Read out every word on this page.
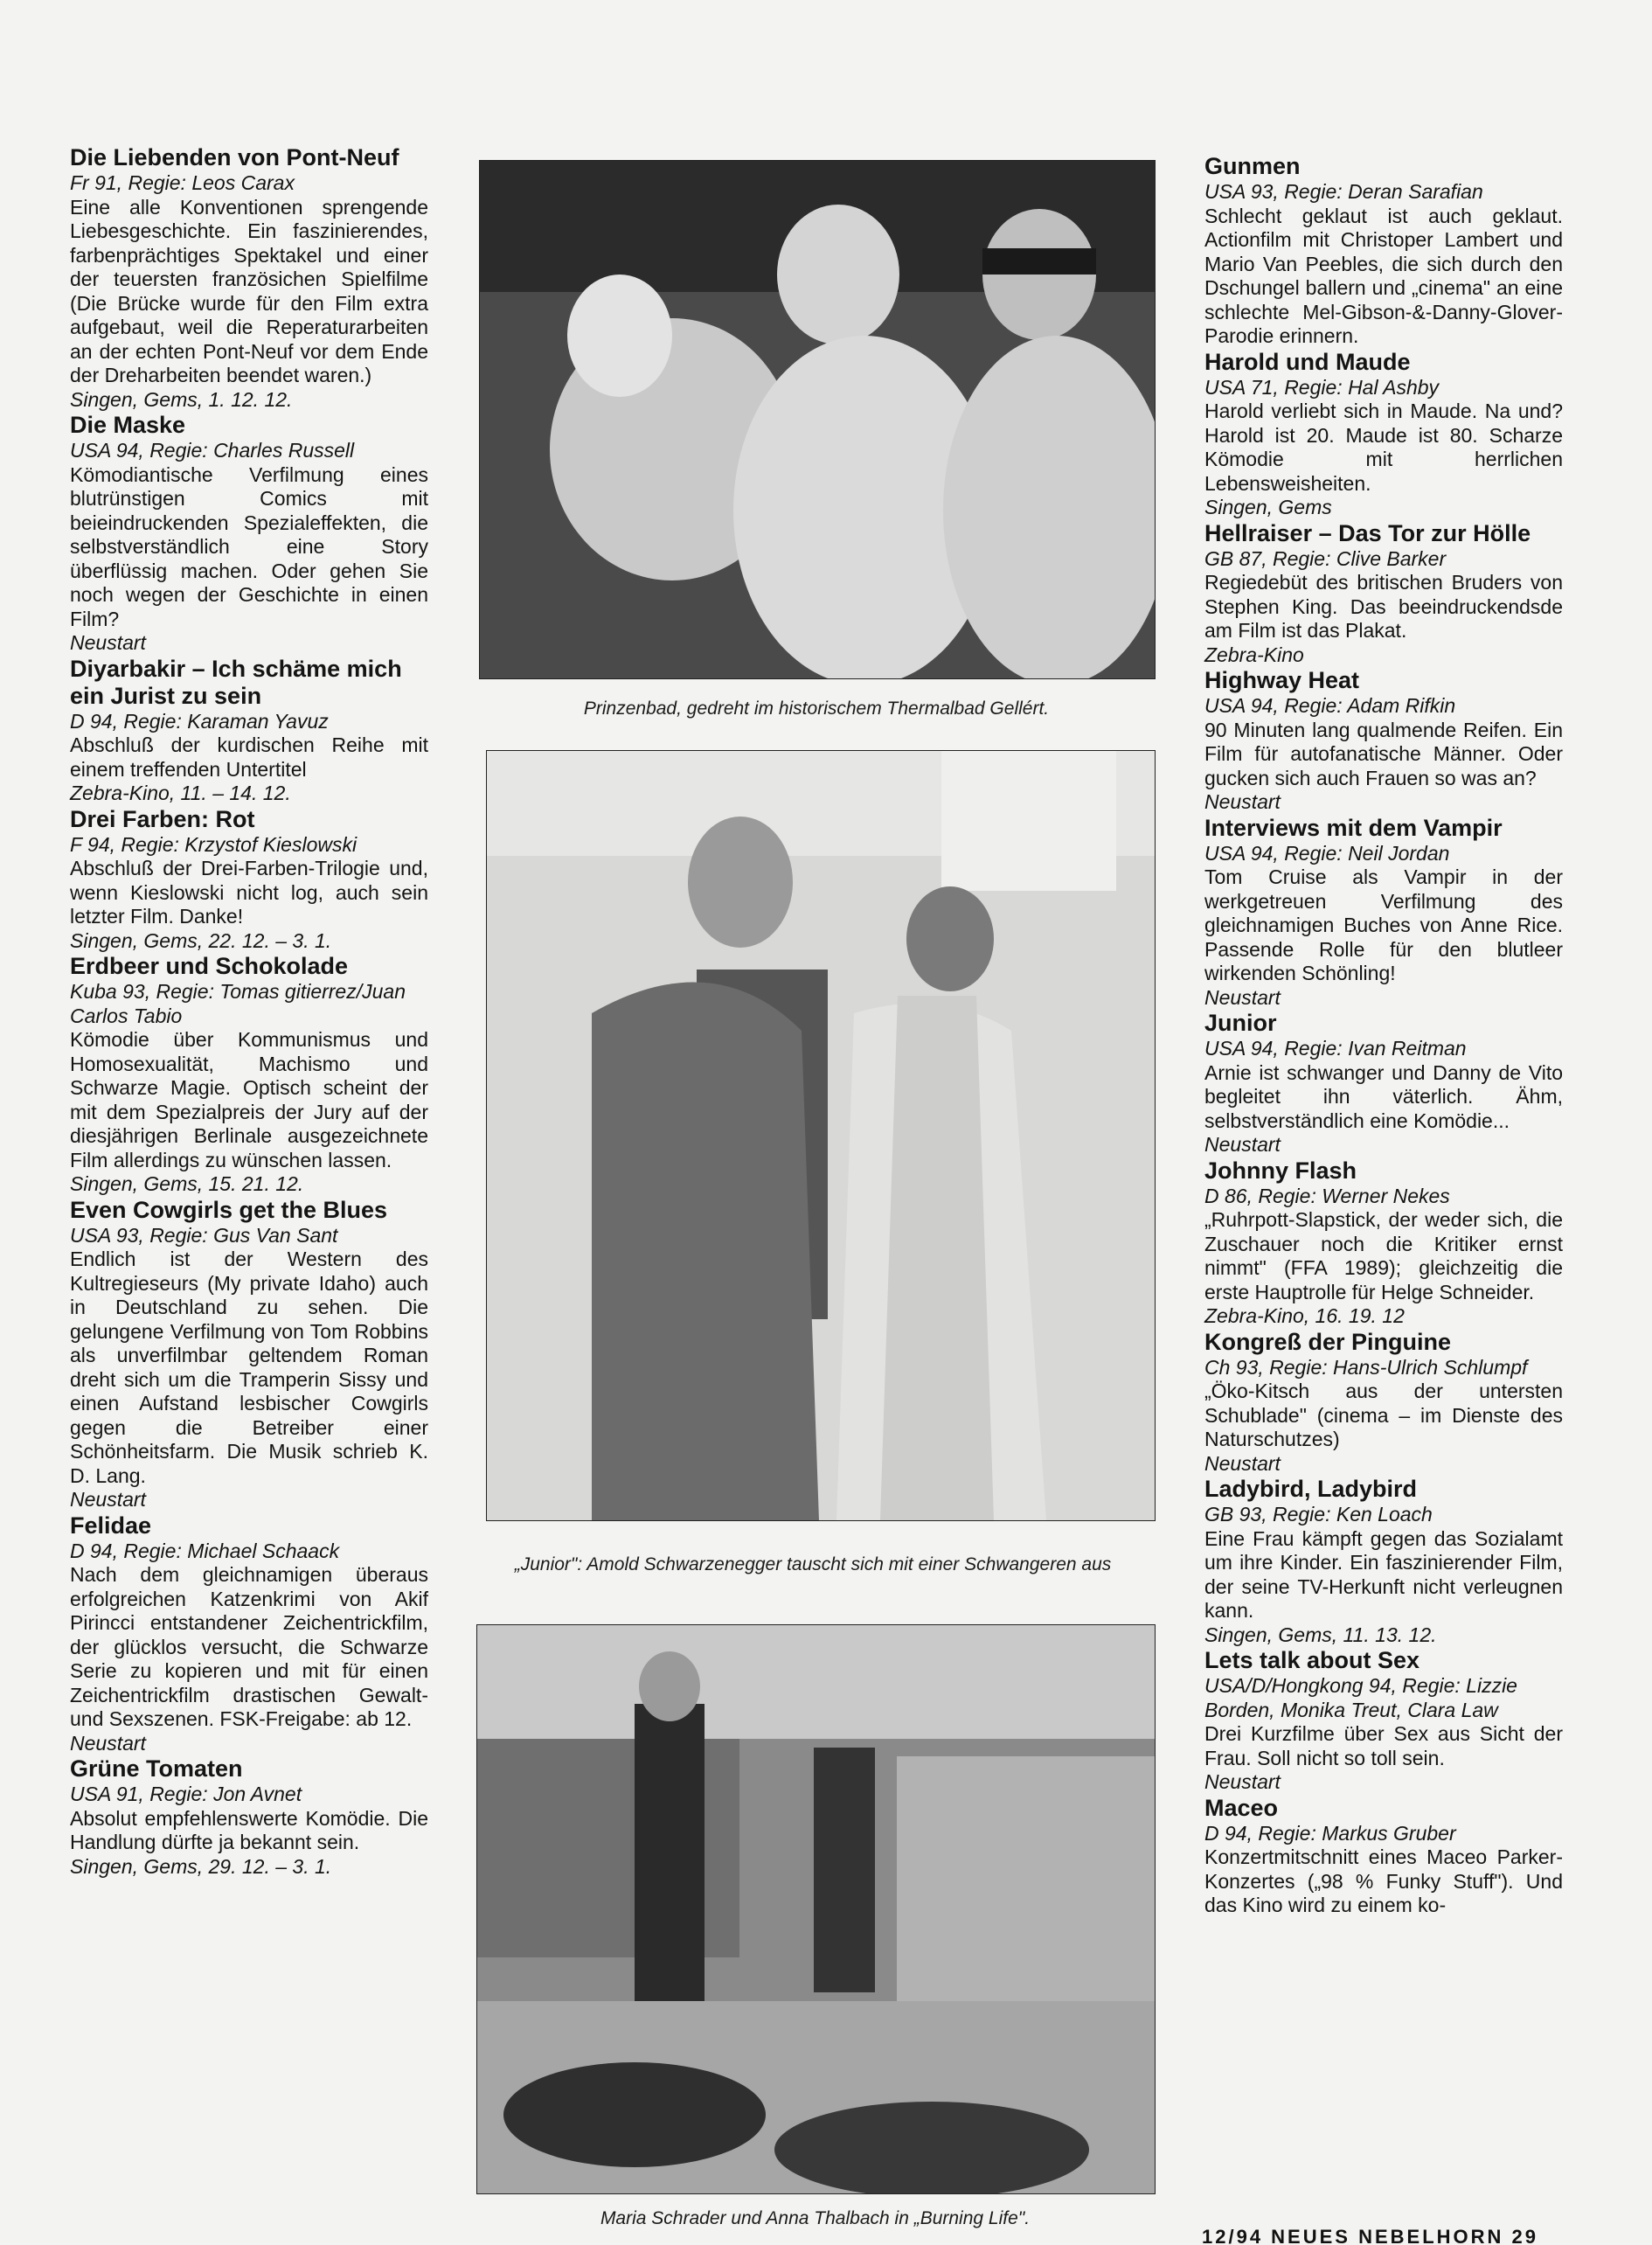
Die Liebenden von Pont-Neuf

Fr 91, Regie: Leos Carax

Eine alle Konventionen sprengende Liebesgeschichte. Ein faszinierendes, farbenprächtiges Spektakel und einer der teuersten französichen Spielfilme (Die Brücke wurde für den Film extra aufgebaut, weil die Reperaturarbeiten an der echten Pont-Neuf vor dem Ende der Dreharbeiten beendet waren.)

Singen, Gems, 1. 12. 12.

Die Maske

USA 94, Regie: Charles Russell

Kömodiantische Verfilmung eines blutrünstigen Comics mit beieindruckenden Spezialeffekten, die selbstverständlich eine Story überflüssig machen. Oder gehen Sie noch wegen der Geschichte in einen Film?

Neustart

Diyarbakir – Ich schäme mich ein Jurist zu sein

D 94, Regie: Karaman Yavuz

Abschluß der kurdischen Reihe mit einem treffenden Untertitel

Zebra-Kino, 11. – 14. 12.

Drei Farben: Rot

F 94, Regie: Krzystof Kieslowski

Abschluß der Drei-Farben-Trilogie und, wenn Kieslowski nicht log, auch sein letzter Film. Danke!

Singen, Gems, 22. 12. – 3. 1.

Erdbeer und Schokolade

Kuba 93, Regie: Tomas gitierrez/Juan Carlos Tabio

Kömodie über Kommunismus und Homosexualität, Machismo und Schwarze Magie. Optisch scheint der mit dem Spezialpreis der Jury auf der diesjährigen Berlinale ausgezeichnete Film allerdings zu wünschen lassen.

Singen, Gems, 15. 21. 12.

Even Cowgirls get the Blues

USA 93, Regie: Gus Van Sant

Endlich ist der Western des Kultregieseurs (My private Idaho) auch in Deutschland zu sehen. Die gelungene Verfilmung von Tom Robbins als unverfilmbar geltendem Roman dreht sich um die Tramperin Sissy und einen Aufstand lesbischer Cowgirls gegen die Betreiber einer Schönheitsfarm. Die Musik schrieb K. D. Lang.

Neustart

Felidae

D 94, Regie: Michael Schaack

Nach dem gleichnamigen überaus erfolgreichen Katzenkrimi von Akif Pirincci entstandener Zeichentrickfilm, der glücklos versucht, die Schwarze Serie zu kopieren und mit für einen Zeichentrickfilm drastischen Gewalt- und Sexszenen. FSK-Freigabe: ab 12.

Neustart

Grüne Tomaten

USA 91, Regie: Jon Avnet

Absolut empfehlenswerte Komödie. Die Handlung dürfte ja bekannt sein.

Singen, Gems, 29. 12. – 3. 1.

Prinzenbad, gedreht im historischem Thermalbad Gellért.
„Junior": Amold Schwarzenegger tauscht sich mit einer Schwangeren aus
Maria Schrader und Anna Thalbach in „Burning Life".

Gunmen

USA 93, Regie: Deran Sarafian

Schlecht geklaut ist auch geklaut. Actionfilm mit Christoper Lambert und Mario Van Peebles, die sich durch den Dschungel ballern und „cinema" an eine schlechte Mel-Gibson-&-Danny-Glover-Parodie erinnern.

Harold und Maude

USA 71, Regie: Hal Ashby

Harold verliebt sich in Maude. Na und? Harold ist 20. Maude ist 80. Scharze Kömodie mit herrlichen Lebensweisheiten.

Singen, Gems

Hellraiser – Das Tor zur Hölle

GB 87, Regie: Clive Barker

Regiedebüt des britischen Bruders von Stephen King. Das beeindruckendsde am Film ist das Plakat.

Zebra-Kino

Highway Heat

USA 94, Regie: Adam Rifkin

90 Minuten lang qualmende Reifen. Ein Film für autofanatische Männer. Oder gucken sich auch Frauen so was an?

Neustart

Interviews mit dem Vampir

USA 94, Regie: Neil Jordan

Tom Cruise als Vampir in der werkgetreuen Verfilmung des gleichnamigen Buches von Anne Rice. Passende Rolle für den blutleer wirkenden Schönling!

Neustart

Junior

USA 94, Regie: Ivan Reitman

Arnie ist schwanger und Danny de Vito begleitet ihn väterlich. Ähm, selbstverständlich eine Komödie...

Neustart

Johnny Flash

D 86, Regie: Werner Nekes

„Ruhrpott-Slapstick, der weder sich, die Zuschauer noch die Kritiker ernst nimmt" (FFA 1989); gleichzeitig die erste Hauptrolle für Helge Schneider.

Zebra-Kino, 16. 19. 12

Kongreß der Pinguine

Ch 93, Regie: Hans-Ulrich Schlumpf

„Öko-Kitsch aus der untersten Schublade" (cinema – im Dienste des Naturschutzes)

Neustart

Ladybird, Ladybird

GB 93, Regie: Ken Loach

Eine Frau kämpft gegen das Sozialamt um ihre Kinder. Ein faszinierender Film, der seine TV-Herkunft nicht verleugnen kann.

Singen, Gems, 11. 13. 12.

Lets talk about Sex

USA/D/Hongkong 94, Regie: Lizzie Borden, Monika Treut, Clara Law

Drei Kurzfilme über Sex aus Sicht der Frau. Soll nicht so toll sein.

Neustart

Maceo

D 94, Regie: Markus Gruber

Konzertmitschnitt eines Maceo Parker-Konzertes („98 % Funky Stuff"). Und das Kino wird zu einem ko-

12/94 NEUES NEBELHORN 29
